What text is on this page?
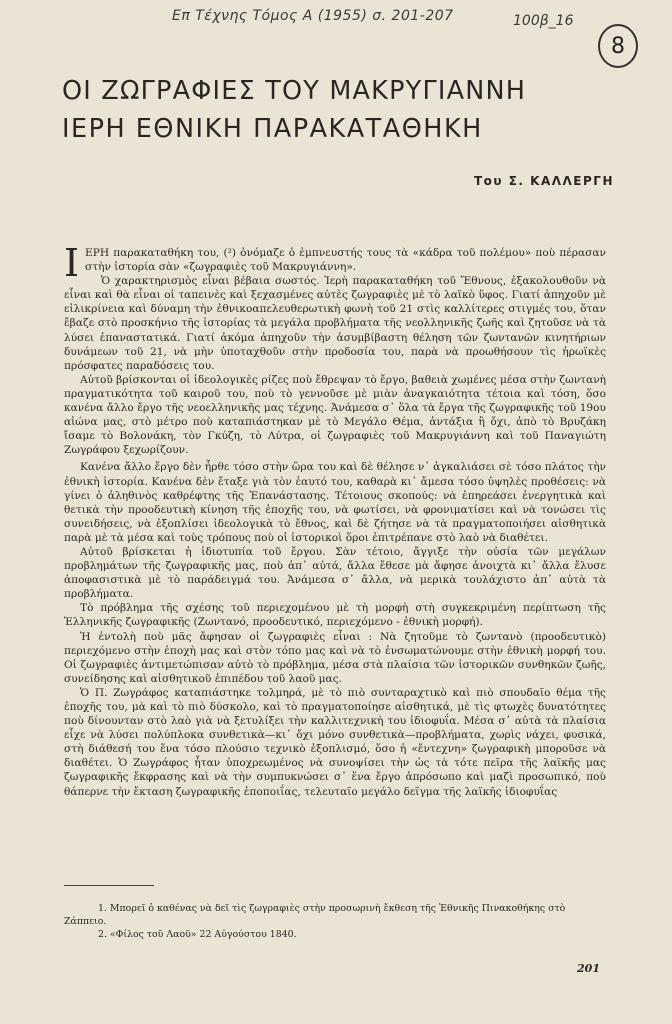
Επ Τέχνης Τόμος A (1955) σ. 201-207	100β_16
8
ΟΙ ΖΩΓΡΑΦΙΕΣ ΤΟΥ ΜΑΚΡΥΓΙΑΝΝΗ
ΙΕΡΗ ΕΘΝΙΚΗ ΠΑΡΑΚΑΤΑΘΗΚΗ
Του Σ. ΚΑΛΛΕΡΓΗ

ΙΕΡΗ παρακαταθήκη του, (²) ὀνόμαζε ὁ ἐμπνευστής τους τὰ «κάδρα τοῦ πολέμου» ποὺ πέρασαν στὴν ἱστορία σὰν «ζωγραφιὲς τοῦ Μακρυγιάννη».

Ὁ χαρακτηρισμὸς εἶναι βέβαια σωστός. Ἱερὴ παρακαταθήκη τοῦ Ἔθνους, ἐξακολουθοῦν νὰ εἶναι καὶ θὰ εἶναι οἱ ταπεινὲς καὶ ξεχασμένες αὐτὲς ζωγραφιὲς μὲ τὸ λαϊκὸ ὕφος. Γιατί ἀπηχοῦν μὲ εἰλικρίνεια καὶ δύναμη τὴν ἐθνικοαπελευθερωτικὴ φωνὴ τοῦ 21 στὶς καλλίτερες στιγμές του, ὅταν ἔβαζε στὸ προσκήνιο τῆς ἱστορίας τὰ μεγάλα προβλήματα τῆς νεολληνικῆς ζωῆς καὶ ζητοῦσε νὰ τὰ λύσει ἐπαναστατικά. Γιατί ἀκόμα ἀπηχοῦν τὴν ἀσυμβίβαστη θέληση τῶν ζωντανῶν κινητήριων δυνάμεων τοῦ 21, νὰ μὴν ὑποταχθοῦν στὴν προδοσία του, παρὰ νὰ προωθήσουν τὶς ἡρωϊκὲς πρόσφατες παραδόσεις του.

Αὐτοῦ βρίσκονται οἱ ἰδεολογικὲς ρίζες ποὺ ἔθρεψαν τὸ ἔργο, βαθειὰ χωμένες μέσα στὴν ζωντανὴ πραγματικότητα τοῦ καιροῦ του, ποὺ τὸ γεννοῦσε μὲ μιὰν ἀναγκαιότητα τέτοια καὶ τόση, ὅσο κανένα ἄλλο ἔργο τῆς νεοελληνικῆς μας τέχνης. Ἀνάμεσα σ᾽ ὅλα τὰ ἔργα τῆς ζωγραφικῆς τοῦ 19ου αἰώνα μας, στὸ μέτρο ποὺ καταπιάστηκαν μὲ τὸ Μεγάλο Θέμα, ἀντάξια ἢ ὄχι, ἀπὸ τὸ Βρυζάκη ἴσαμε τὸ Βολονάκη, τὸν Γκύζη, τὸ Λύτρα, οἱ ζωγραφιὲς τοῦ Μακρυγιάννη καὶ τοῦ Παναγιώτη Ζωγράφου ξεχωρίζουν.

Κανένα ἄλλο ἔργο δὲν ἦρθε τόσο στὴν ὥρα του καὶ δὲ θέλησε ν᾽ ἀγκαλιάσει σὲ τόσο πλάτος τὴν ἐθνικὴ ἱστορία. Κανένα δὲν ἔταξε γιὰ τὸν ἑαυτό του, καθαρὰ κι᾽ ἄμεσα τόσο ὑψηλὲς προθέσεις: νὰ γίνει ὁ ἀληθινὸς καθρέφτης τῆς Ἐπανάστασης. Τέτοιους σκοπούς: νὰ ἐπηρεάσει ἐνεργητικὰ καὶ θετικὰ τὴν προοδευτικὴ κίνηση τῆς ἐποχῆς του, νὰ φωτίσει, νὰ φρονιματίσει καὶ νὰ τονώσει τὶς συνειδήσεις, νὰ ἐξοπλίσει ἰδεολογικὰ τὸ ἔθνος, καὶ δὲ ζήτησε νὰ τὰ πραγματοποιήσει αἰσθητικὰ παρὰ μὲ τὰ μέσα καὶ τοὺς τρόπους ποὺ οἱ ἱστορικοὶ ὅροι ἐπιτρέπανε στὸ λαὸ νὰ διαθέτει.

Αὐτοῦ βρίσκεται ἡ ἰδιοτυπία τοῦ ἔργου. Σὰν τέτοιο, ἄγγιξε τὴν οὐσία τῶν μεγάλων προβλημάτων τῆς ζωγραφικῆς μας, ποὺ ἀπ᾽ αὐτά, ἄλλα ἔθεσε μὰ ἄφησε ἀνοιχτὰ κι᾽ ἄλλα ἔλυσε ἀποφασιστικὰ μὲ τὸ παράδειγμά του. Ἀνάμεσα σ᾽ ἄλλα, νὰ μερικὰ τουλάχιστο ἀπ᾽ αὐτὰ τὰ προβλήματα.

Τὸ πρόβλημα τῆς σχέσης τοῦ περιεχομένου μὲ τὴ μορφὴ στὴ συγκεκριμένη περίπτωση τῆς Ἑλληνικῆς ζωγραφικῆς (Ζωντανό, προοδευτικό, περιεχόμενο - ἐθνικὴ μορφή).

Ἡ ἐντολὴ ποὺ μᾶς ἄφησαν οἱ ζωγραφιὲς εἶναι : Νὰ ζητοῦμε τὸ ζωντανὸ (προοδευτικὸ) περιεχόμενο στὴν ἐποχὴ μας καὶ στὸν τόπο μας καὶ νὰ τὸ ἐνσωματώνουμε στὴν ἐθνικὴ μορφή του. Οἱ ζωγραφιὲς ἀντιμετώπισαν αὐτὸ τὸ πρόβλημα, μέσα στὰ πλαίσια τῶν ἱστορικῶν συνθηκῶν ζωῆς, συνείδησης καὶ αἰσθητικοῦ ἐπιπέδου τοῦ λαοῦ μας.

Ὁ Π. Ζωγράφος καταπιάστηκε τολμηρά, μὲ τὸ πιὸ συνταραχτικὸ καὶ πιὸ σπουδαῖο θέμα τῆς ἐποχῆς του, μὰ καὶ τὸ πιὸ δύσκολο, καὶ τὸ πραγματοποίησε αἰσθητικά, μὲ τὶς φτωχὲς δυνατότητες ποὺ δίνουνταν στὸ λαὸ γιὰ νὰ ξετυλίξει τὴν καλλιτεχνικὴ του ἰδιοφυΐα. Μέσα σ᾽ αὐτὰ τὰ πλαίσια εἶχε νὰ λύσει πολύπλοκα συνθετικὰ—κι᾽ ὄχι μόνο συνθετικὰ—προβλήματα, χωρὶς νάχει, φυσικά, στὴ διάθεσή του ἕνα τόσο πλούσιο τεχνικὸ ἐξοπλισμό, ὅσο ἡ «ἔντεχνη» ζωγραφικὴ μποροῦσε νὰ διαθέτει. Ὁ Ζωγράφος ἦταν ὑποχρεωμένος νὰ συνοψίσει τὴν ὡς τὰ τότε πεῖρα τῆς λαϊκῆς μας ζωγραφικῆς ἔκφρασης καὶ νὰ τὴν συμπυκνώσει σ᾽ ἕνα ἔργο ἀπρόσωπο καὶ μαζὶ προσωπικό, ποὺ θάπερνε τὴν ἔκταση ζωγραφικῆς ἐποποιΐας, τελευταῖο μεγάλο δεῖγμα τῆς λαϊκῆς ἰδιοφυΐας

1. Μπορεῖ ὁ καθένας νὰ δεῖ τὶς ζωγραφιὲς στὴν προσωρινὴ ἔκθεση τῆς Ἐθνικῆς Πινακοθήκης στὸ Ζάππειο.

2. «Φίλος τοῦ Λαοῦ» 22 Αὐγούστου 1840.

201
